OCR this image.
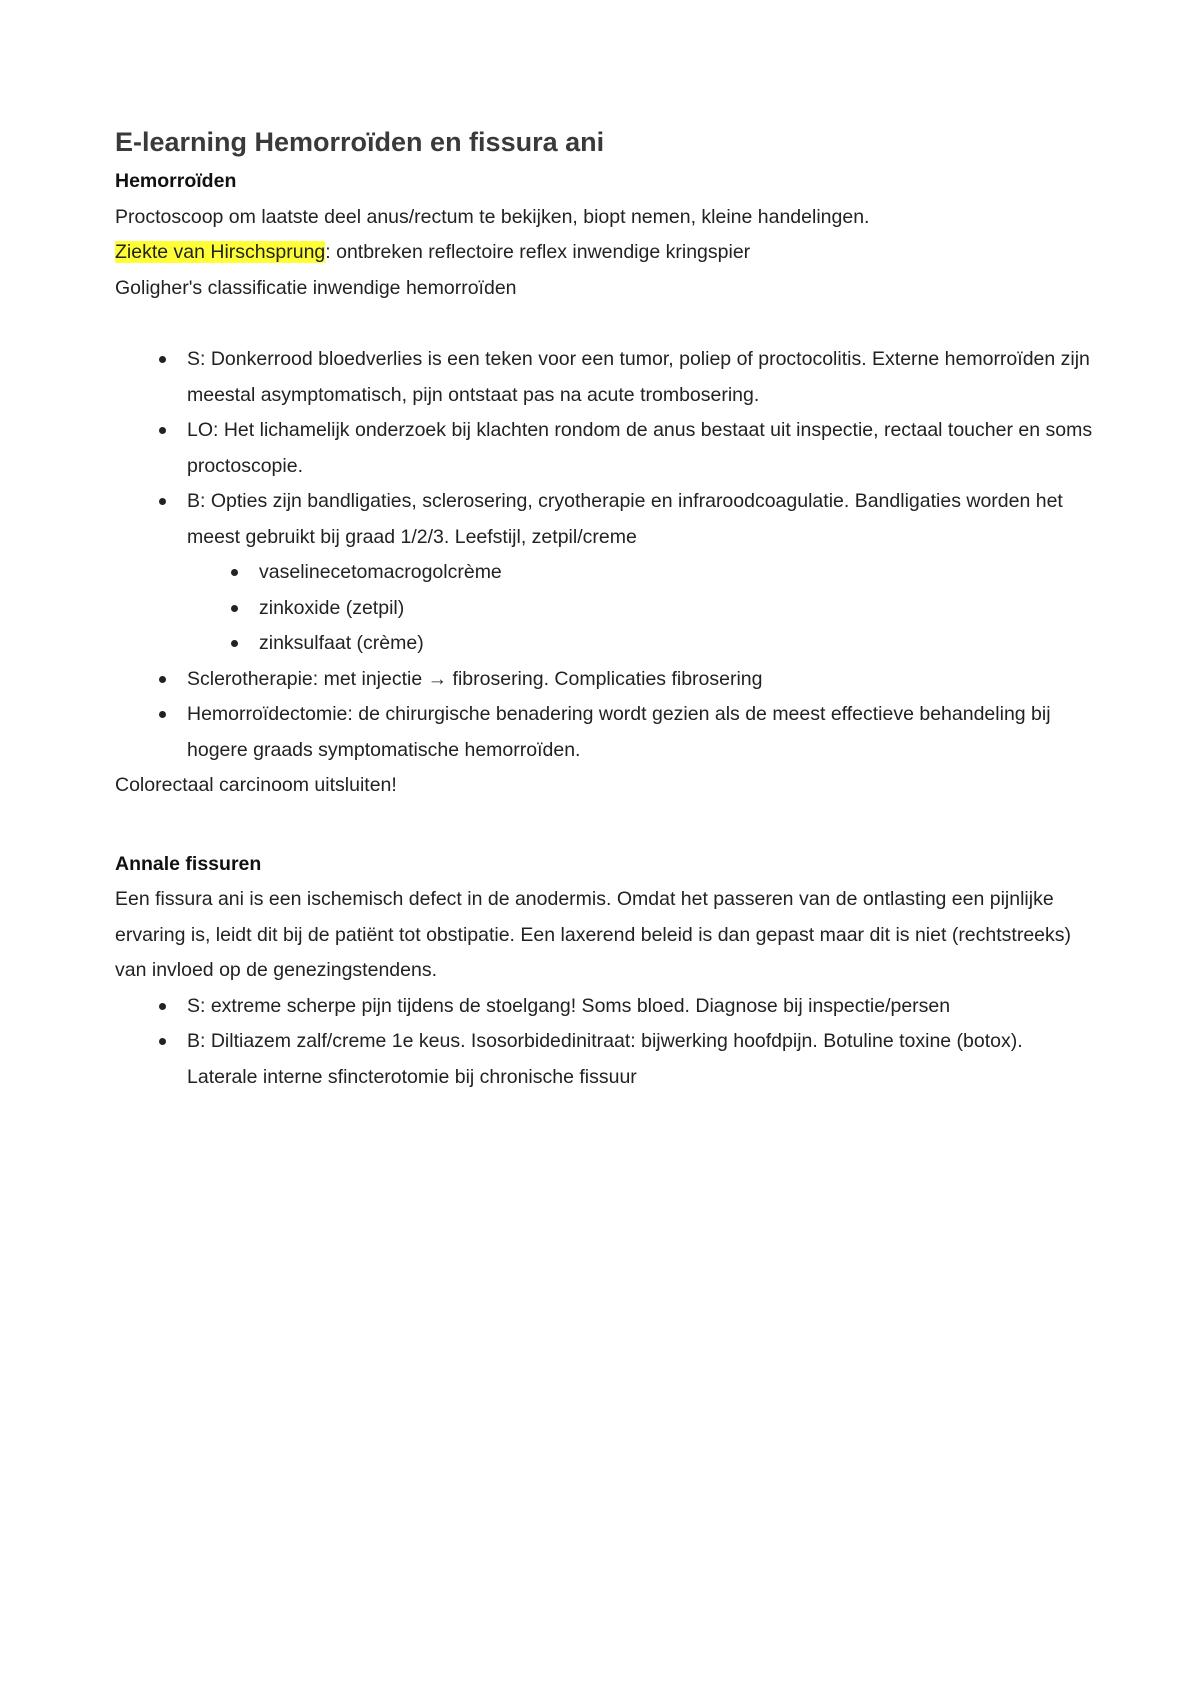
E-learning Hemorroïden en fissura ani
Hemorroïden

Proctoscoop om laatste deel anus/rectum te bekijken, biopt nemen, kleine handelingen.

Ziekte van Hirschsprung: ontbreken reflectoire reflex inwendige kringspier

Goligher's classificatie inwendige hemorroïden

S: Donkerrood bloedverlies is een teken voor een tumor, poliep of proctocolitis. Externe hemorroïden zijn meestal asymptomatisch, pijn ontstaat pas na acute trombosering.
LO: Het lichamelijk onderzoek bij klachten rondom de anus bestaat uit inspectie, rectaal toucher en soms proctoscopie.
B: Opties zijn bandligaties, sclerosering, cryotherapie en infraroodcoagulatie. Bandligaties worden het meest gebruikt bij graad 1/2/3. Leefstijl, zetpil/creme
vaselinecetomacrogolcrème
zinkoxide (zetpil)
zinksulfaat (crème)
Sclerotherapie: met injectie → fibrosering. Complicaties fibrosering
Hemorroïdectomie: de chirurgische benadering wordt gezien als de meest effectieve behandeling bij hogere graads symptomatische hemorroïden.

Colorectaal carcinoom uitsluiten!

Annale fissuren

Een fissura ani is een ischemisch defect in de anodermis. Omdat het passeren van de ontlasting een pijnlijke ervaring is, leidt dit bij de patiënt tot obstipatie. Een laxerend beleid is dan gepast maar dit is niet (rechtstreeks) van invloed op de genezingstendens.

S: extreme scherpe pijn tijdens de stoelgang! Soms bloed. Diagnose bij inspectie/persen
B: Diltiazem zalf/creme 1e keus. Isosorbidedinitraat: bijwerking hoofdpijn. Botuline toxine (botox). Laterale interne sfincterotomie bij chronische fissuur
